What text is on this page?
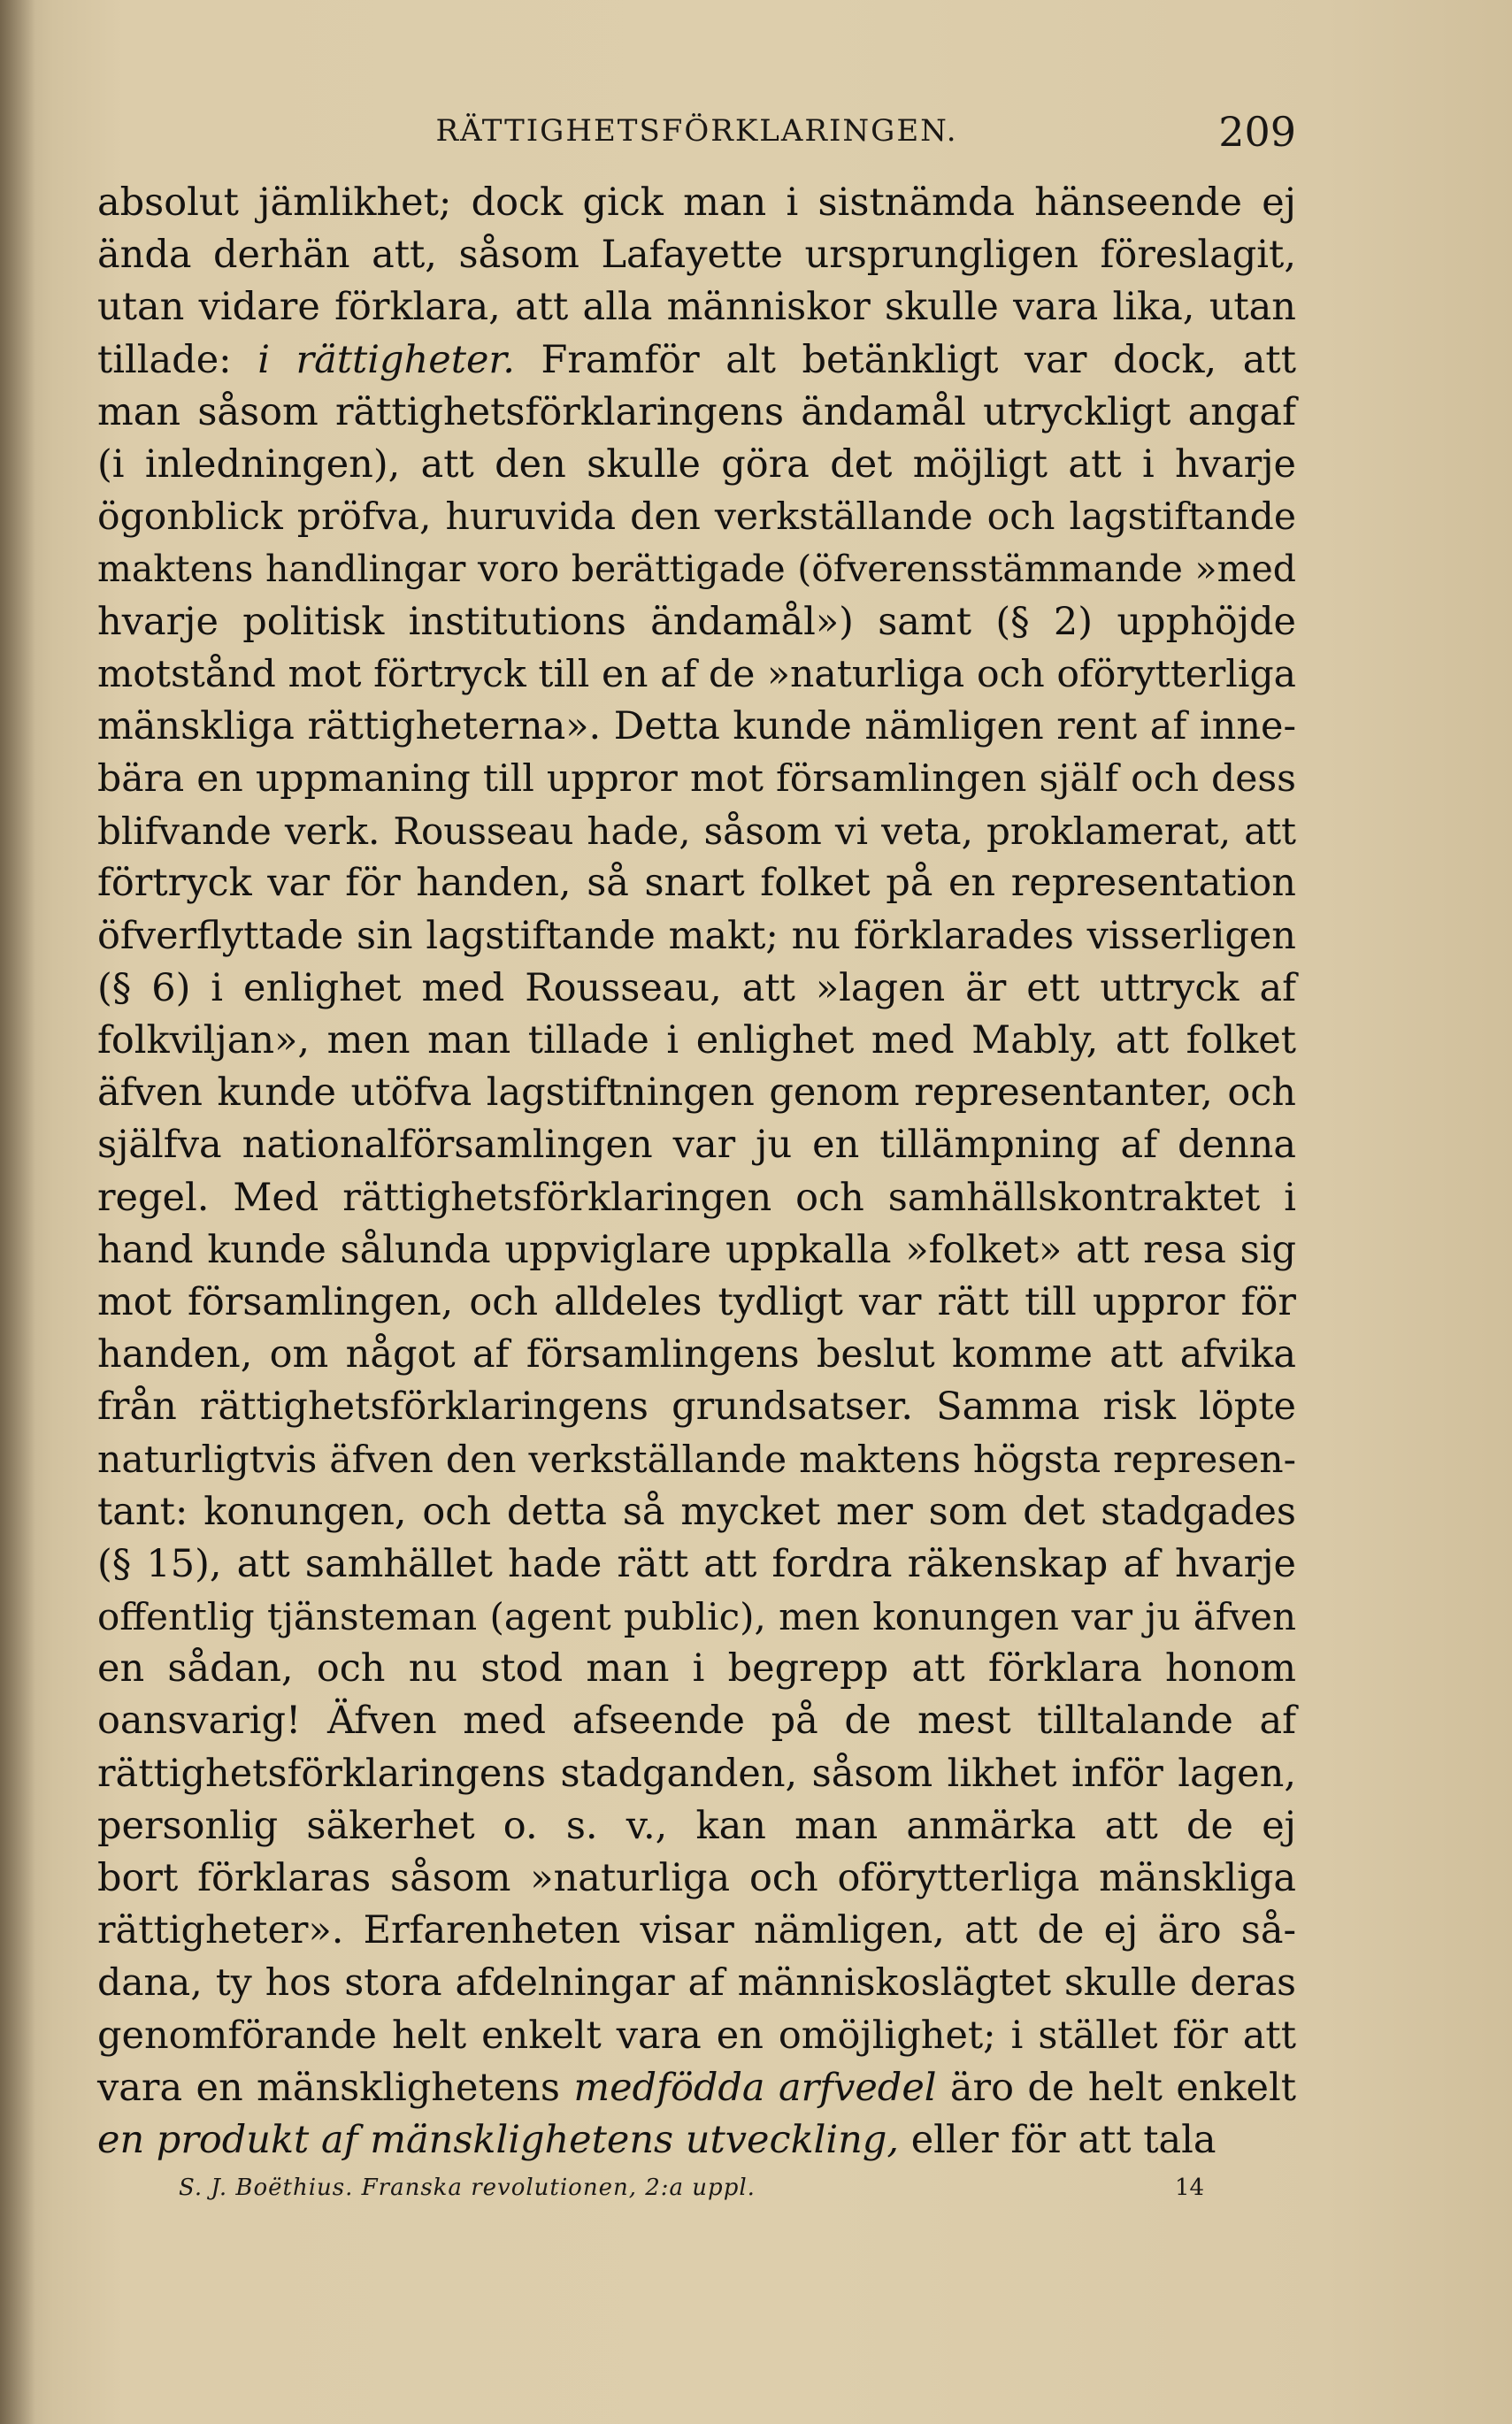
RÄTTIGHETSFÖRKLARINGEN.	209
absolut jämlikhet; dock gick man i sistnämda hänseende ej
ända derhän att, såsom Lafayette ursprungligen föreslagit,
utan vidare förklara, att alla människor skulle vara lika, utan
tillade: i rättigheter. Framför alt betänkligt var dock, att
man såsom rättighetsförklaringens ändamål utryckligt angaf
(i inledningen), att den skulle göra det möjligt att i hvarje
ögonblick pröfva, huruvida den verkställande och lagstiftande
maktens handlingar voro berättigade (öfverensstämmande »med
hvarje politisk institutions ändamål») samt (§ 2) upphöjde
motstånd mot förtryck till en af de »naturliga och oförytterliga
mänskliga rättigheterna». Detta kunde nämligen rent af inne-
bära en uppmaning till uppror mot församlingen själf och dess
blifvande verk. Rousseau hade, såsom vi veta, proklamerat, att
förtryck var för handen, så snart folket på en representation
öfverflyttade sin lagstiftande makt; nu förklarades visserligen
(§ 6) i enlighet med Rousseau, att »lagen är ett uttryck af
folkviljan», men man tillade i enlighet med Mably, att folket
äfven kunde utöfva lagstiftningen genom representanter, och
själfva nationalförsamlingen var ju en tillämpning af denna
regel. Med rättighetsförklaringen och samhällskontraktet i
hand kunde sålunda uppviglare uppkalla »folket» att resa sig
mot församlingen, och alldeles tydligt var rätt till uppror för
handen, om något af församlingens beslut komme att afvika
från rättighetsförklaringens grundsatser. Samma risk löpte
naturligtvis äfven den verkställande maktens högsta represen-
tant: konungen, och detta så mycket mer som det stadgades
(§ 15), att samhället hade rätt att fordra räkenskap af hvarje
offentlig tjänsteman (agent public), men konungen var ju äfven
en sådan, och nu stod man i begrepp att förklara honom
oansvarig! Äfven med afseende på de mest tilltalande af
rättighetsförklaringens stadganden, såsom likhet inför lagen,
personlig säkerhet o. s. v., kan man anmärka att de ej
bort förklaras såsom »naturliga och oförytterliga mänskliga
rättigheter». Erfarenheten visar nämligen, att de ej äro så-
dana, ty hos stora afdelningar af människoslägtet skulle deras
genomförande helt enkelt vara en omöjlighet; i stället för att
vara en mänsklighetens medfödda arfvedel äro de helt enkelt
en produkt af mänsklighetens utveckling, eller för att tala
S. J. Boëthius. Franska revolutionen, 2:a uppl.	14
